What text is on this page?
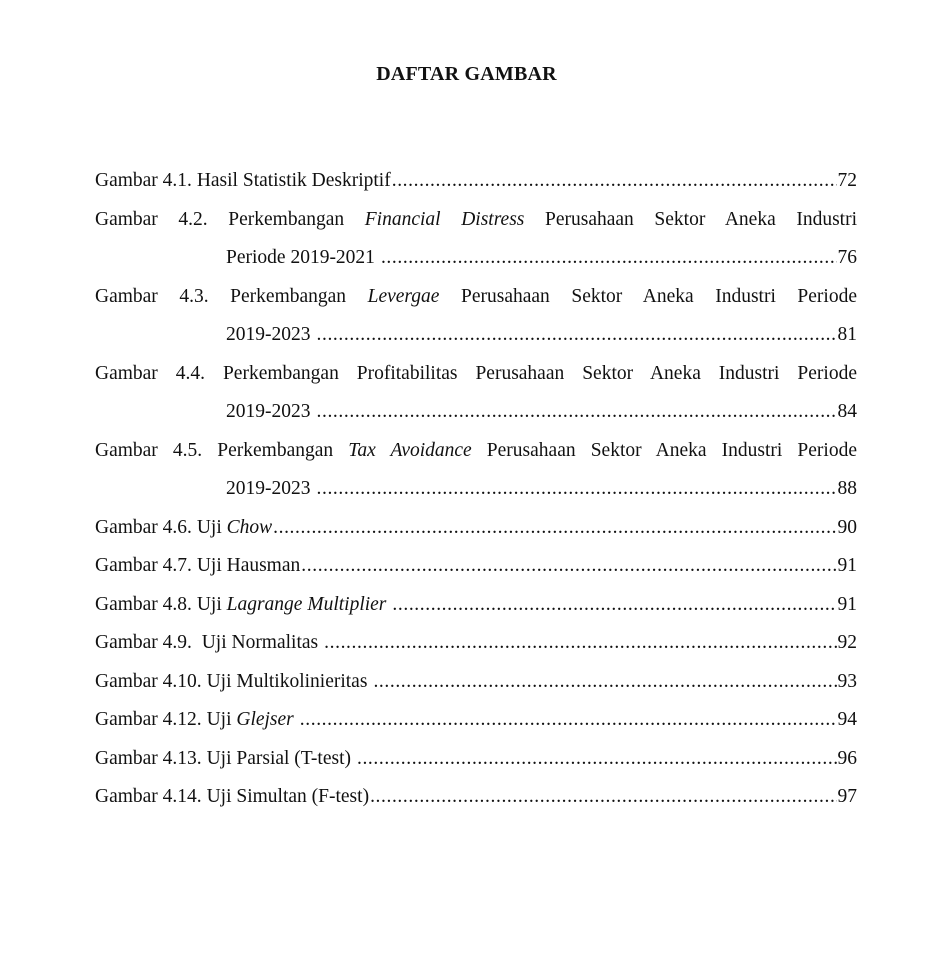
DAFTAR GAMBAR
Gambar 4.1. Hasil Statistik Deskriptif .....	72
Gambar 4.2. Perkembangan Financial Distress Perusahaan Sektor Aneka Industri
Periode 2019-2021 .....	76
Gambar 4.3. Perkembangan Levergae Perusahaan Sektor Aneka Industri Periode
2019-2023 .....	81
Gambar 4.4. Perkembangan Profitabilitas Perusahaan Sektor Aneka Industri Periode
2019-2023 .....	84
Gambar 4.5. Perkembangan Tax Avoidance Perusahaan Sektor Aneka Industri Periode
2019-2023 .....	88
Gambar 4.6. Uji Chow .....	90
Gambar 4.7. Uji Hausman .....	91
Gambar 4.8. Uji Lagrange Multiplier .....	91
Gambar 4.9.  Uji Normalitas .....	92
Gambar 4.10. Uji Multikolinieritas .....	93
Gambar 4.12. Uji Glejser .....	94
Gambar 4.13. Uji Parsial (T-test) .....	96
Gambar 4.14. Uji Simultan (F-test) .....	97
